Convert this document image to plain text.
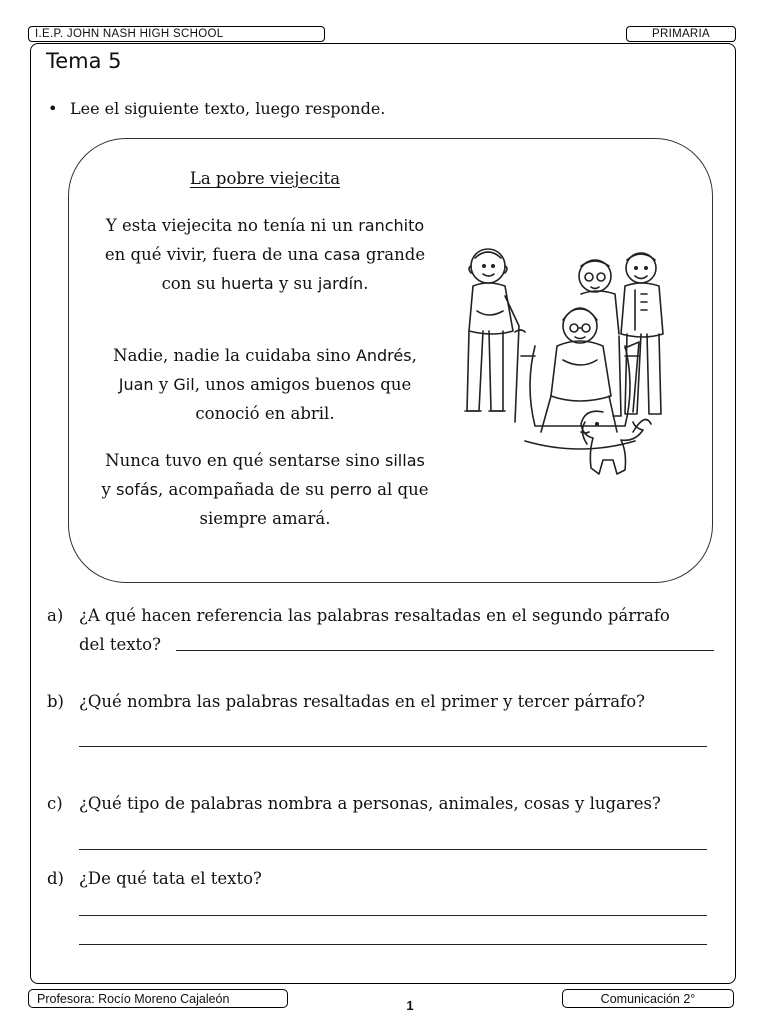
I.E.P. JOHN NASH HIGH SCHOOL	PRIMARIA
Tema 5
• Lee el siguiente texto, luego responde.
La pobre viejecita
Y esta viejecita no tenía ni un ranchito en qué vivir, fuera de una casa grande con su huerta y su jardín.
Nadie, nadie la cuidaba sino Andrés, Juan y Gil, unos amigos buenos que conoció en abril.
Nunca tuvo en qué sentarse sino sillas y sofás, acompañada de su perro al que siempre amará.
a) ¿A qué hacen referencia las palabras resaltadas en el segundo párrafo
del texto?
b) ¿Qué nombra las palabras resaltadas en el primer y tercer párrafo?
c) ¿Qué tipo de palabras nombra a personas, animales, cosas y lugares?
d) ¿De qué tata el texto?
Profesora: Rocío Moreno Cajaleón	1	Comunicación 2°
